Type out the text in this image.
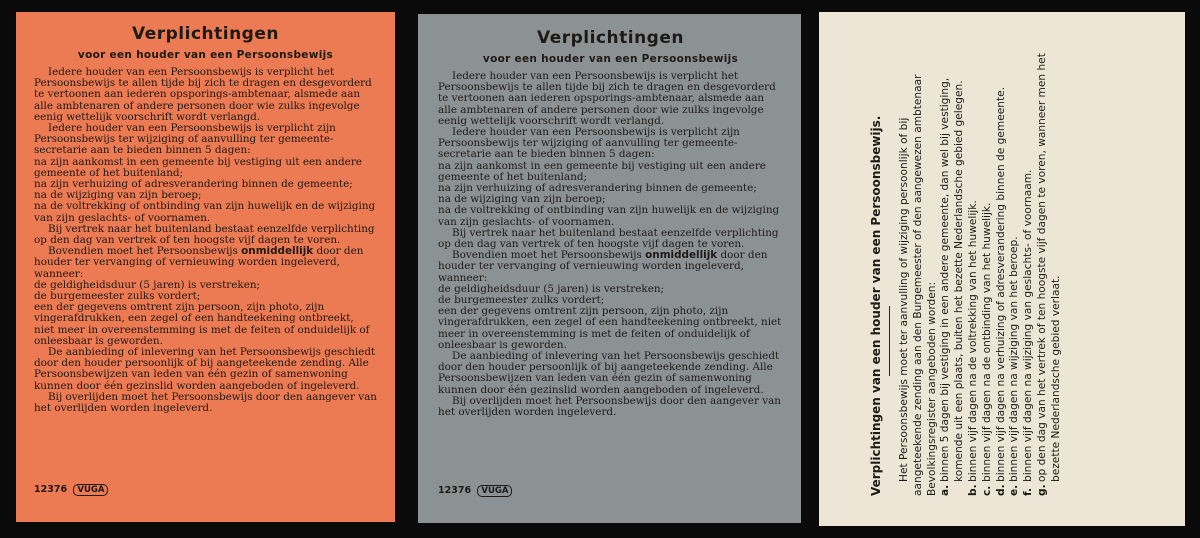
Verplichtingen
voor een houder van een Persoonsbewijs

Iedere houder van een Persoonsbewijs is verplicht het Persoonsbewijs te allen tijde bij zich te dragen en desgevorderd te vertoonen aan iederen opsporings-ambtenaar, alsmede aan alle ambtenaren of andere personen door wie zulks ingevolge eenig wettelijk voorschrift wordt verlangd.

Iedere houder van een Persoonsbewijs is verplicht zijn Persoonsbewijs ter wijziging of aanvulling ter gemeente-secretarie aan te bieden binnen 5 dagen:

na zijn aankomst in een gemeente bij vestiging uit een andere gemeente of het buitenland;

na zijn verhuizing of adresverandering binnen de gemeente;

na de wijziging van zijn beroep;

na de voltrekking of ontbinding van zijn huwelijk en de wijziging van zijn geslachts- of voornamen.

Bij vertrek naar het buitenland bestaat eenzelfde verplichting op den dag van vertrek of ten hoogste vijf dagen te voren.

Bovendien moet het Persoonsbewijs onmiddellijk door den houder ter vervanging of vernieuwing worden ingeleverd, wanneer:

de geldigheidsduur (5 jaren) is verstreken;

de burgemeester zulks vordert;

een der gegevens omtrent zijn persoon, zijn photo, zijn vingerafdrukken, een zegel of een handteekening ontbreekt, niet meer in overeenstemming is met de feiten of onduidelijk of onleesbaar is geworden.

De aanbieding of inlevering van het Persoonsbewijs geschiedt door den houder persoonlijk of bij aangeteekende zending. Alle Persoonsbewijzen van leden van één gezin of samenwoning kunnen door één gezinslid worden aangeboden of ingeleverd.

Bij overlijden moet het Persoonsbewijs door den aangever van het overlijden worden ingeleverd.

12376 VUGA
Verplichtingen
voor een houder van een Persoonsbewijs

Iedere houder van een Persoonsbewijs is verplicht het Persoonsbewijs te allen tijde bij zich te dragen en desgevorderd te vertoonen aan iederen opsporings-ambtenaar, alsmede aan alle ambtenaren of andere personen door wie zulks ingevolge eenig wettelijk voorschrift wordt verlangd.

Iedere houder van een Persoonsbewijs is verplicht zijn Persoonsbewijs ter wijziging of aanvulling ter gemeente-secretarie aan te bieden binnen 5 dagen:

na zijn aankomst in een gemeente bij vestiging uit een andere gemeente of het buitenland;

na zijn verhuizing of adresverandering binnen de gemeente;

na de wijziging van zijn beroep;

na de voltrekking of ontbinding van zijn huwelijk en de wijziging van zijn geslachts- of voornamen.

Bij vertrek naar het buitenland bestaat eenzelfde verplichting op den dag van vertrek of ten hoogste vijf dagen te voren.

Bovendien moet het Persoonsbewijs onmiddellijk door den houder ter vervanging of vernieuwing worden ingeleverd, wanneer:

de geldigheidsduur (5 jaren) is verstreken;

de burgemeester zulks vordert;

een der gegevens omtrent zijn persoon, zijn photo, zijn vingerafdrukken, een zegel of een handteekening ontbreekt, niet meer in overeenstemming is met de feiten of onduidelijk of onleesbaar is geworden.

De aanbieding of inlevering van het Persoonsbewijs geschiedt door den houder persoonlijk of bij aangeteekende zending. Alle Persoonsbewijzen van leden van één gezin of samenwoning kunnen door één gezinslid worden aangeboden of ingeleverd.

Bij overlijden moet het Persoonsbewijs door den aangever van het overlijden worden ingeleverd.

12376 VUGA	Verplichtingen van een houder van een Persoonsbewijs. Het Persoonsbewijs moet ter aanvulling of wijziging persoonlijk of bij aangeteekende zending aan den Burgemeester of den aangewezen ambtenaar Bevolkingsregister aangeboden worden: a.
binnen 5 dagen bij vestiging in een andere gemeente, dan wel bij vestiging, komende uit een plaats, buiten het bezette Nederlandsche gebied gelegen.
b.
binnen vijf dagen na de voltrekking van het huwelijk.
c.
binnen vijf dagen na de ontbinding van het huwelijk.
d.
binnen vijf dagen na verhuizing of adresverandering binnen de gemeente.
e.
binnen vijf dagen na wijziging van het beroep.
f.
binnen vijf dagen na wijziging van geslachts- of voornaam.
g.
op den dag van het vertrek of ten hoogste vijf dagen te voren, wanneer men het bezette Nederlandsche gebied verlaat.
